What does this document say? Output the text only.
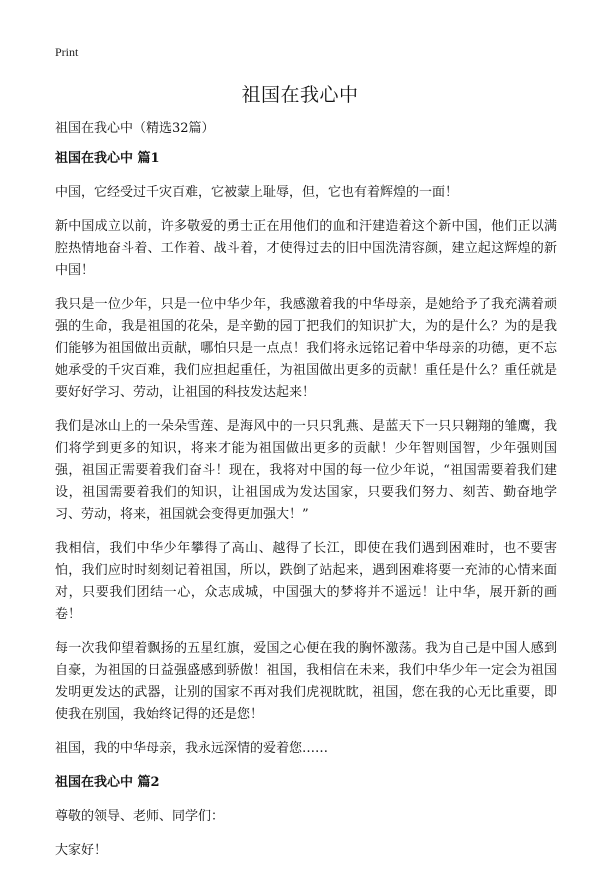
Print
祖国在我心中

祖国在我心中（精选32篇）

祖国在我心中 篇1

中国，它经受过千灾百难，它被蒙上耻辱，但，它也有着辉煌的一面！

新中国成立以前，许多敬爱的勇士正在用他们的血和汗建造着这个新中国，他们正以满腔热情地奋斗着、工作着、战斗着，才使得过去的旧中国洗清容颜，建立起这辉煌的新中国！

我只是一位少年，只是一位中华少年，我感激着我的中华母亲，是她给予了我充满着顽强的生命，我是祖国的花朵，是辛勤的园丁把我们的知识扩大，为的是什么？为的是我们能够为祖国做出贡献，哪怕只是一点点！我们将永远铭记着中华母亲的功德，更不忘她承受的千灾百难，我们应担起重任，为祖国做出更多的贡献！重任是什么？重任就是要好好学习、劳动，让祖国的科技发达起来！

我们是冰山上的一朵朵雪莲、是海风中的一只只乳燕、是蓝天下一只只翱翔的雏鹰，我们将学到更多的知识，将来才能为祖国做出更多的贡献！少年智则国智，少年强则国强，祖国正需要着我们奋斗！现在，我将对中国的每一位少年说，“祖国需要着我们建设，祖国需要着我们的知识，让祖国成为发达国家，只要我们努力、刻苦、勤奋地学习、劳动，将来，祖国就会变得更加强大！”

我相信，我们中华少年攀得了高山、越得了长江，即使在我们遇到困难时，也不要害怕，我们应时时刻刻记着祖国，所以，跌倒了站起来，遇到困难将要一充沛的心情来面对，只要我们团结一心，众志成城，中国强大的梦将并不遥远！让中华，展开新的画卷！

每一次我仰望着飘扬的五星红旗，爱国之心便在我的胸怀激荡。我为自己是中国人感到自豪，为祖国的日益强盛感到骄傲！祖国，我相信在未来，我们中华少年一定会为祖国发明更发达的武器，让别的国家不再对我们虎视眈眈，祖国，您在我的心无比重要，即使我在别国，我始终记得的还是您！

祖国，我的中华母亲，我永远深情的爱着您……

祖国在我心中 篇2

尊敬的领导、老师、同学们：

大家好！
